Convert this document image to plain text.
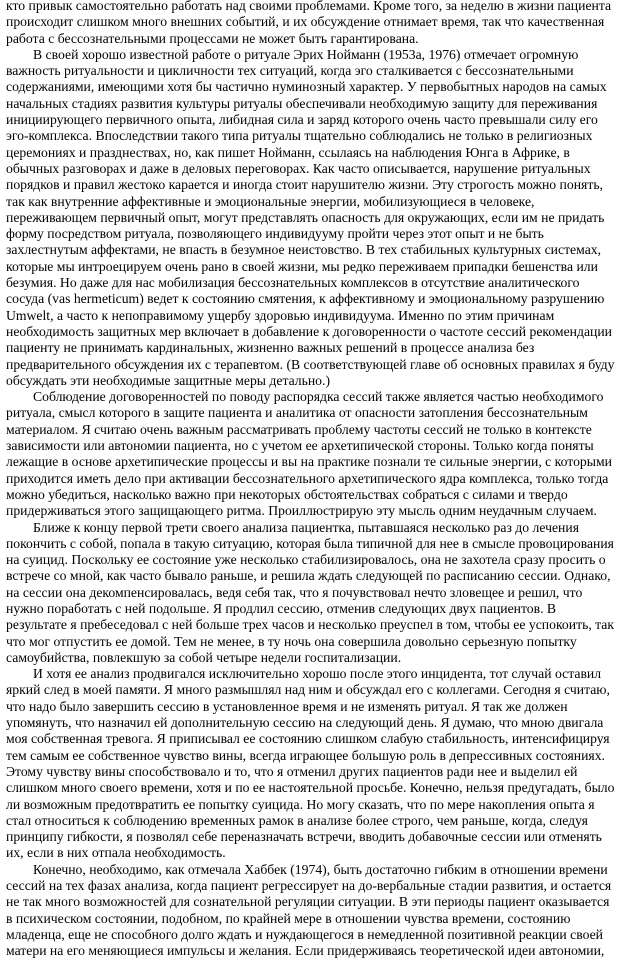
кто привык самостоятельно работать над своими проблемами. Кроме того, за неделю в жизни пациента
происходит слишком много внешних событий, и их обсуждение отнимает время, так что качественная
работа с бессознательными процессами не может быть гарантирована.
В своей хорошо известной работе о ритуале Эрих Нойманн (1953а, 1976) отмечает огромную
важность ритуальности и цикличности тех ситуаций, когда эго сталкивается с бессознательными
содержаниями, имеющими хотя бы частично нуминозный характер. У первобытных народов на самых
начальных стадиях развития культуры ритуалы обеспечивали необходимую защиту для переживания
инициирующего первичного опыта, либидная сила и заряд которого очень часто превышали силу его
эго-комплекса. Впоследствии такого типа ритуалы тщательно соблюдались не только в религиозных
церемониях и празднествах, но, как пишет Нойманн, ссылаясь на наблюдения Юнга в Африке, в
обычных разговорах и даже в деловых переговорах. Как часто описывается, нарушение ритуальных
порядков и правил жестоко карается и иногда стоит нарушителю жизни. Эту строгость можно понять,
так как внутренние аффективные и эмоциональные энергии, мобилизующиеся в человеке,
переживающем первичный опыт, могут представлять опасность для окружающих, если им не придать
форму посредством ритуала, позволяющего индивидууму пройти через этот опыт и не быть
захлестнутым аффектами, не впасть в безумное неистовство. В тех стабильных культурных системах,
которые мы интроецируем очень рано в своей жизни, мы редко переживаем припадки бешенства или
безумия. Но даже для нас мобилизация бессознательных комплексов в отсутствие аналитического
сосуда (vas hermeticum) ведет к состоянию смятения, к аффективному и эмоциональному разрушению
Umwelt, а часто к непоправимому ущербу здоровью индивидуума. Именно по этим причинам
необходимость защитных мер включает в добавление к договоренности о частоте сессий рекомендации
пациенту не принимать кардинальных, жизненно важных решений в процессе анализа без
предварительного обсуждения их с терапевтом. (В соответствующей главе об основных правилах я буду
обсуждать эти необходимые защитные меры детально.)
Соблюдение договоренностей по поводу распорядка сессий также является частью необходимого
ритуала, смысл которого в защите пациента и аналитика от опасности затопления бессознательным
материалом. Я считаю очень важным рассматривать проблему частоты сессий не только в контексте
зависимости или автономии пациента, но с учетом ее архетипической стороны. Только когда поняты
лежащие в основе архетипические процессы и вы на практике познали те сильные энергии, с которыми
приходится иметь дело при активации бессознательного архетипического ядра комплекса, только тогда
можно убедиться, насколько важно при некоторых обстоятельствах собраться с силами и твердо
придерживаться этого защищающего ритма. Проиллюстрирую эту мысль одним неудачным случаем.
Ближе к концу первой трети своего анализа пациентка, пытавшаяся несколько раз до лечения
покончить с собой, попала в такую ситуацию, которая была типичной для нее в смысле провоцирования
на суицид. Поскольку ее состояние уже несколько стабилизировалось, она не захотела сразу просить о
встрече со мной, как часто бывало раньше, и решила ждать следующей по расписанию сессии. Однако,
на сессии она декомпенсировалась, ведя себя так, что я почувствовал нечто зловещее и решил, что
нужно поработать с ней подольше. Я продлил сессию, отменив следующих двух пациентов. В
результате я пребеседовал с ней больше трех часов и несколько преуспел в том, чтобы ее успокоить, так
что мог отпустить ее домой. Тем не менее, в ту ночь она совершила довольно серьезную попытку
самоубийства, повлекшую за собой четыре недели госпитализации.
И хотя ее анализ продвигался исключительно хорошо после этого инцидента, тот случай оставил
яркий след в моей памяти. Я много размышлял над ним и обсуждал его с коллегами. Сегодня я считаю,
что надо было завершить сессию в установленное время и не изменять ритуал. Я так же должен
упомянуть, что назначил ей дополнительную сессию на следующий день. Я думаю, что мною двигала
моя собственная тревога. Я приписывал ее состоянию слишком слабую стабильность, интенсифицируя
тем самым ее собственное чувство вины, всегда играющее большую роль в депрессивных состояниях.
Этому чувству вины способствовало и то, что я отменил других пациентов ради нее и выделил ей
слишком много своего времени, хотя и по ее настоятельной просьбе. Конечно, нельзя предугадать, было
ли возможным предотвратить ее попытку суицида. Но могу сказать, что по мере накопления опыта я
стал относиться к соблюдению временных рамок в анализе более строго, чем раньше, когда, следуя
принципу гибкости, я позволял себе переназначать встречи, вводить добавочные сессии или отменять
их, если в них отпала необходимость.
Конечно, необходимо, как отмечала Хаббек (1974), быть достаточно гибким в отношении времени
сессий на тех фазах анализа, когда пациент регрессирует на до-вербальные стадии развития, и остается
не так много возможностей для сознательной регуляции ситуации. В эти периоды пациент оказывается
в психическом состоянии, подобном, по крайней мере в отношении чувства времени, состоянию
младенца, еще не способного долго ждать и нуждающегося в немедленной позитивной реакции своей
матери на его меняющиеся импульсы и желания. Если придерживаясь теоретической идеи автономии,
